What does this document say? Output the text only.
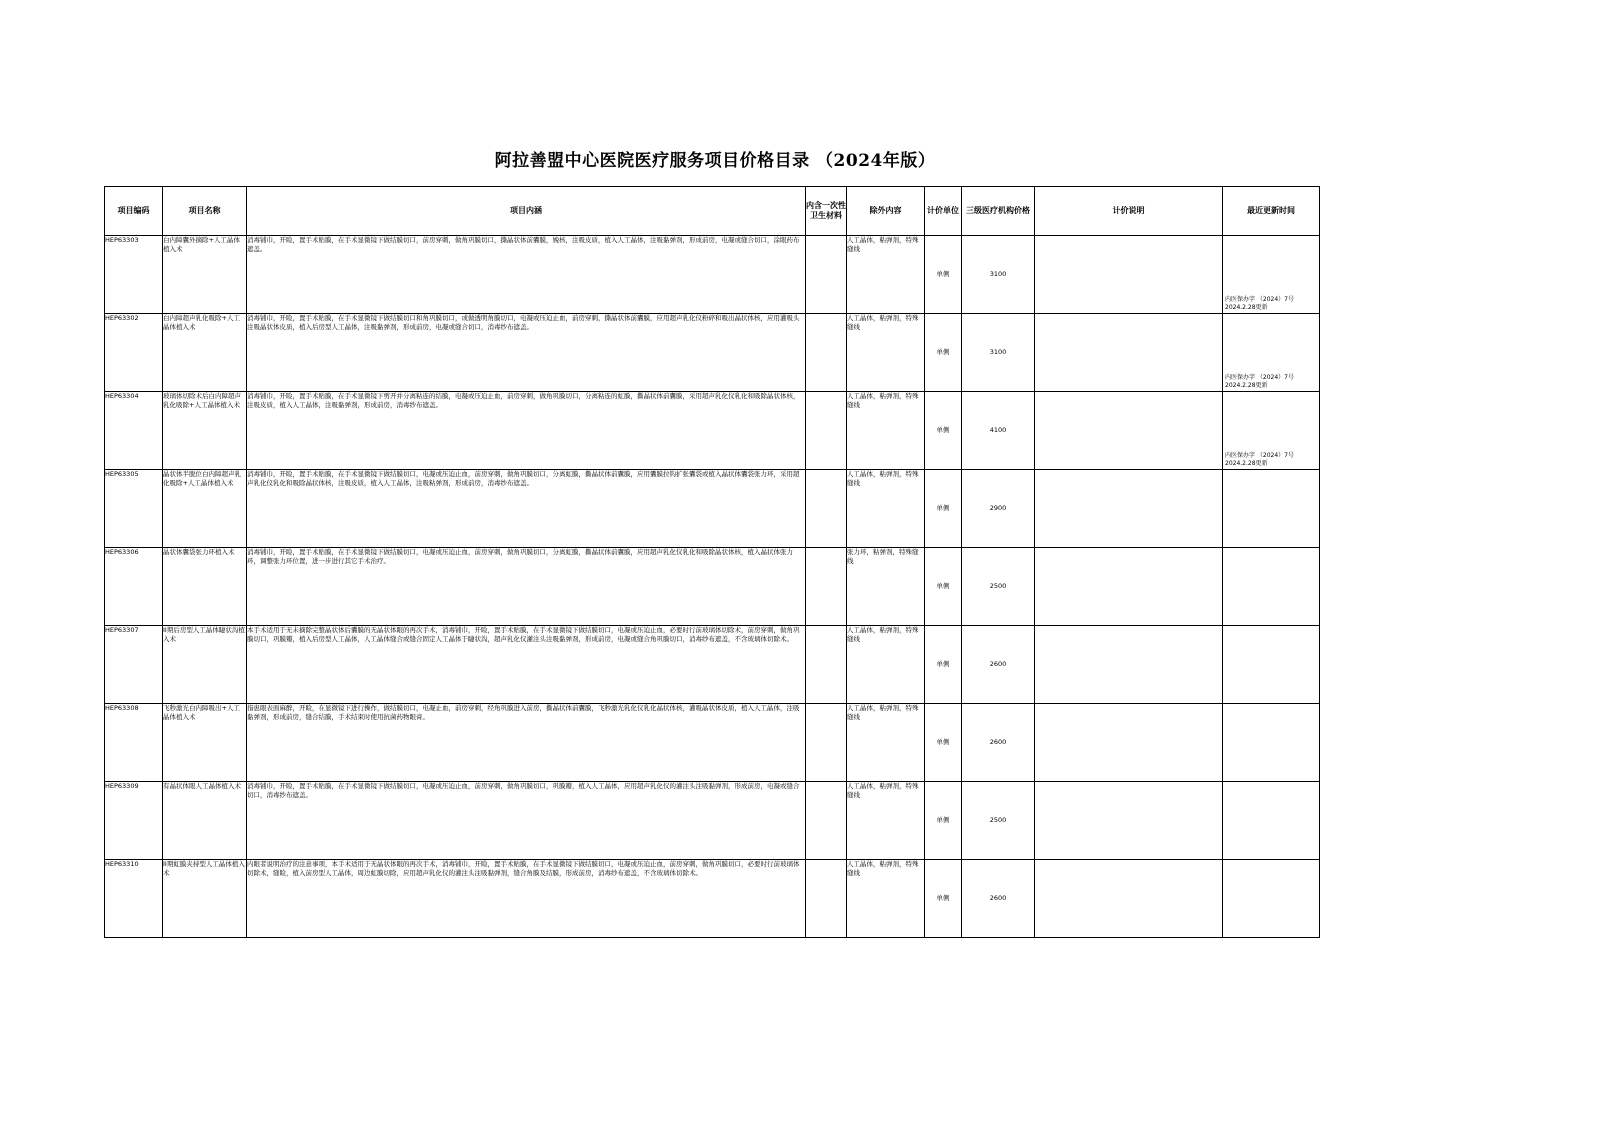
阿拉善盟中心医院医疗服务项目价格目录 （2024年版）
项目编码	项目名称	项目内涵	内含一次性卫生材料	除外内容	计价单位	三级医疗机构价格	计价说明	最近更新时间
HEP63303	白内障囊外摘除+人工晶体植入术	消毒铺巾，开睑，置手术贴膜，在手术显微镜下做结膜切口，前房穿刺，做角巩膜切口，撕晶状体前囊膜，娩核，注吸皮质，植入人工晶体，注吸黏弹剂，形成前房，电凝或缝合切口，涂眼药布遮盖。		人工晶体，粘弹剂，特殊缝线	单侧	3100		内医保办字 （2024）7号 2024.2.28更新

HEP63302	白内障超声乳化吸除+人工晶体植入术	消毒铺巾，开睑，置手术贴膜，在手术显微镜下做结膜切口和角巩膜切口，或做透明角膜切口，电凝或压迫止血，前房穿刺，撕晶状体前囊膜，应用超声乳化仪粉碎和吸出晶状体核，应用灌吸头注吸晶状体皮质，植入后房型人工晶体，注吸黏弹剂，形成前房，电凝或缝合切口，消毒纱布遮盖。		人工晶体，粘弹剂，特殊缝线	单侧	3100		内医保办字 （2024）7号 2024.2.28更新

HEP63304	玻璃体切除术后白内障超声乳化吸除+人工晶体植入术	消毒铺巾，开睑，置手术贴膜，在手术显微镜下剪开并分离粘连的结膜，电凝或压迫止血，前房穿刺，做角巩膜切口，分离粘连的虹膜，撕晶状体前囊膜，采用超声乳化仪乳化和吸除晶状体核，注吸皮质，植入人工晶体，注吸黏弹剂，形成前房，消毒纱布遮盖。		人工晶体，粘弹剂，特殊缝线	单侧	4100		内医保办字 （2024）7号 2024.2.28更新

HEP63305	晶状体半脱位白内障超声乳化吸除+人工晶体植入术	消毒铺巾，开睑，置手术贴膜，在手术显微镜下做结膜切口，电凝或压迫止血，前房穿刺，做角巩膜切口，分离虹膜，撕晶状体前囊膜，应用囊膜拉钩扩张囊袋或植入晶状体囊袋张力环，采用超声乳化仪乳化和吸除晶状体核，注吸皮质，植入人工晶体，注吸粘弹剂，形成前房，消毒纱布遮盖。		人工晶体，粘弹剂，特殊缝线	单侧	2900		

HEP63306	晶状体囊袋张力环植入术	消毒铺巾，开睑，置手术贴膜，在手术显微镜下做结膜切口，电凝或压迫止血，前房穿刺，做角巩膜切口，分离虹膜，撕晶状体前囊膜，应用超声乳化仪乳化和吸除晶状体核，植入晶状体张力环，调整张力环位置，进一步进行其它手术治疗。		张力环，粘弹剂，特殊缝线	单侧	2500		

HEP63307	II期后房型人工晶体睫状沟植入术	本手术适用于无未摘除完整晶状体后囊膜的无晶状体眼的再次手术，消毒铺巾，开睑，置手术贴膜，在手术显微镜下做结膜切口，电凝或压迫止血，必要时行前玻璃体切除术，前房穿刺，做角巩膜切口，巩膜瓣，植入后房型人工晶体，人工晶体缝合或缝合固定人工晶体于睫状沟，超声乳化仪灌注头注吸黏弹剂，形成前房，电凝或缝合角巩膜切口，消毒纱布遮盖，不含玻璃体切除术。		人工晶体，粘弹剂，特殊缝线	单侧	2600		

HEP63308	飞秒激光白内障吸出+人工晶体植入术	指患眼表面麻醉，开睑，在显微镜下进行操作，做结膜切口，电凝止血，前房穿刺，经角巩膜进入前房，撕晶状体前囊膜，飞秒激光乳化仪乳化晶状体核，灌吸晶状体皮质，植入人工晶体，注吸黏弹剂，形成前房，缝合结膜，手术结束时使用抗菌药物眼膏。		人工晶体，粘弹剂，特殊缝线	单侧	2600		

HEP63309	有晶状体眼人工晶体植入术	消毒铺巾，开睑，置手术贴膜，在手术显微镜下做结膜切口，电凝或压迫止血，前房穿刺，做角巩膜切口，巩膜瓣，植入人工晶体，应用超声乳化仪的灌注头注吸黏弹剂，形成前房，电凝或缝合切口，消毒纱布遮盖。		人工晶体，粘弹剂，特殊缝线	单侧	2500		

HEP63310	II期虹膜夹持型人工晶体植入术	内眼者说明治疗的注意事项，本手术适用于无晶状体眼的再次手术，消毒铺巾，开睑，置手术贴膜，在手术显微镜下做结膜切口，电凝或压迫止血，前房穿刺，做角巩膜切口，必要时行前玻璃体切除术，缝睑，植入前房型人工晶体，周边虹膜切除，应用超声乳化仪的灌注头注吸黏弹剂，缝合角膜及结膜，形成前房，消毒纱布遮盖，不含玻璃体切除术。		人工晶体，粘弹剂，特殊缝线	单侧	2600		
